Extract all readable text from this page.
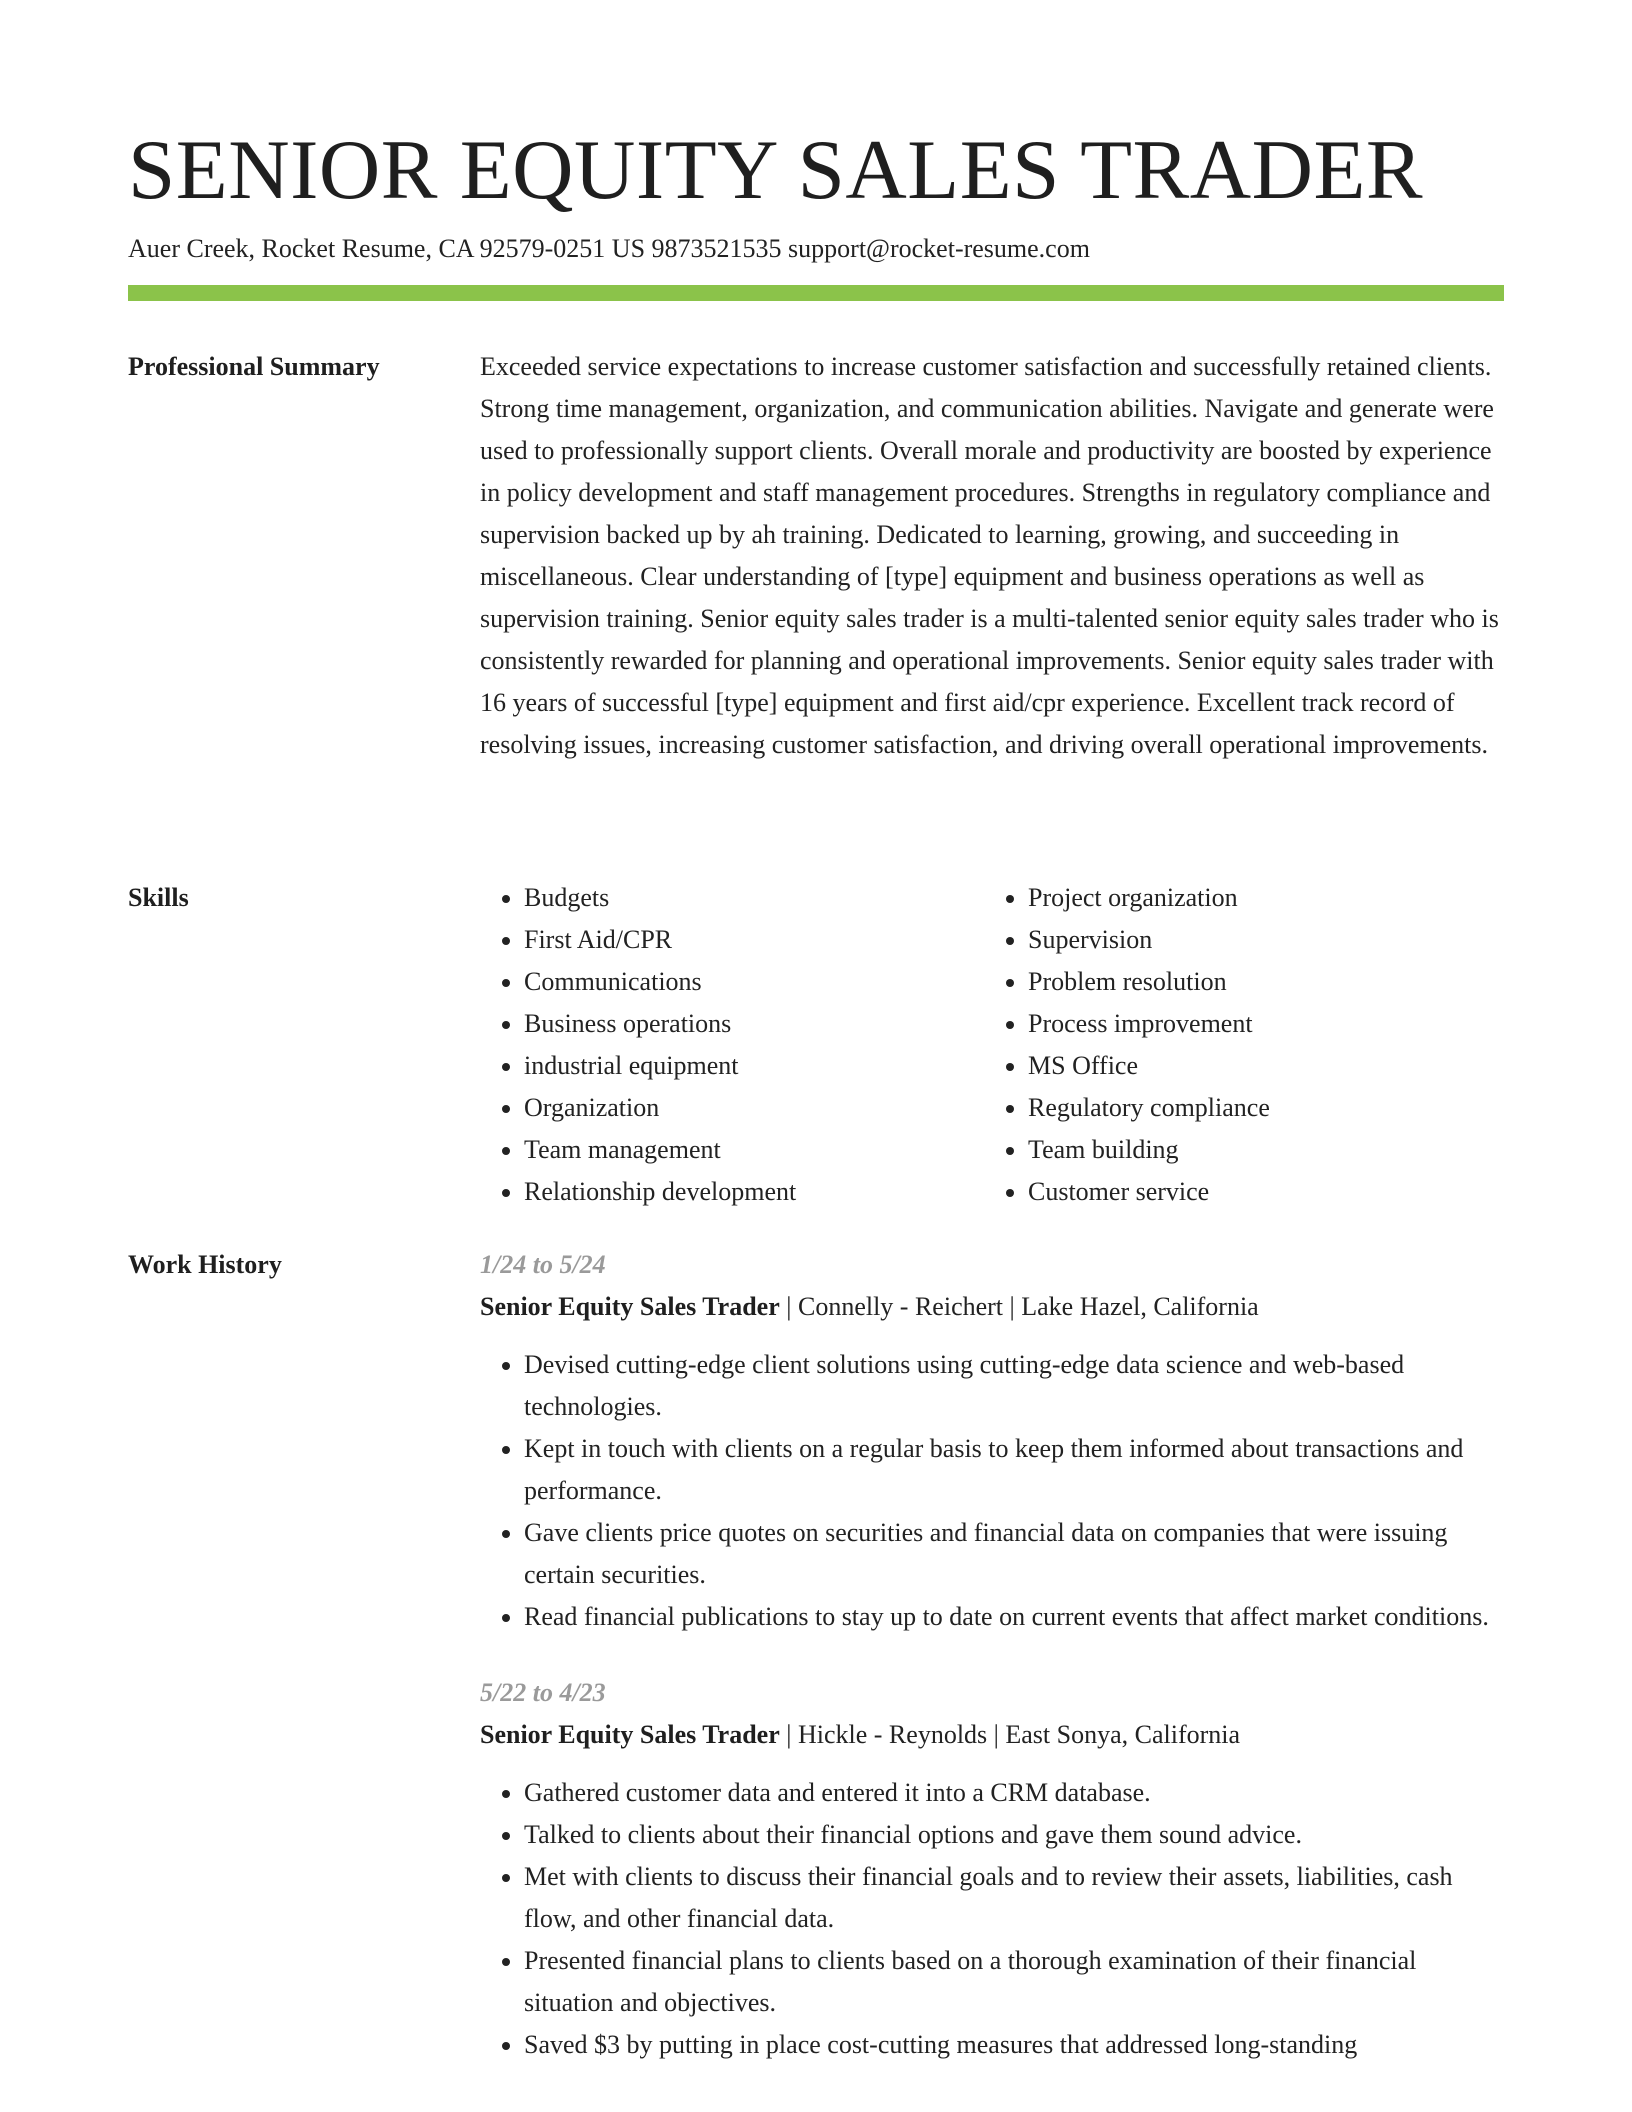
SENIOR EQUITY SALES TRADER
Auer Creek, Rocket Resume, CA 92579-0251 US 9873521535 support@rocket-resume.com
Professional Summary	Exceeded service expectations to increase customer satisfaction and successfully retained clients. Strong time management, organization, and communication abilities. Navigate and generate were used to professionally support clients. Overall morale and productivity are boosted by experience in policy development and staff management procedures. Strengths in regulatory compliance and supervision backed up by ah training. Dedicated to learning, growing, and succeeding in miscellaneous. Clear understanding of [type] equipment and business operations as well as supervision training. Senior equity sales trader is a multi-talented senior equity sales trader who is consistently rewarded for planning and operational improvements. Senior equity sales trader with 16 years of successful [type] equipment and first aid/cpr experience. Excellent track record of resolving issues, increasing customer satisfaction, and driving overall operational improvements.

Skills
•	Budgets
• First Aid/CPR
• Communications
• Business operations
• industrial equipment
• Organization
• Team management
• Relationship development
• Project organization
• Supervision
• Problem resolution
• Process improvement
• MS Office
• Regulatory compliance
• Team building
• Customer service
Work History	1/24 to 5/24
Senior Equity Sales Trader | Connelly - Reichert | Lake Hazel, California
• Devised cutting-edge client solutions using cutting-edge data science and web-based technologies.
• Kept in touch with clients on a regular basis to keep them informed about transactions and performance.
• Gave clients price quotes on securities and financial data on companies that were issuing certain securities.
• Read financial publications to stay up to date on current events that affect market conditions.
5/22 to 4/23
Senior Equity Sales Trader | Hickle - Reynolds | East Sonya, California
• Gathered customer data and entered it into a CRM database.
• Talked to clients about their financial options and gave them sound advice.
• Met with clients to discuss their financial goals and to review their assets, liabilities, cash flow, and other financial data.
• Presented financial plans to clients based on a thorough examination of their financial situation and objectives.
• Saved $3 by putting in place cost-cutting measures that addressed long-standing
